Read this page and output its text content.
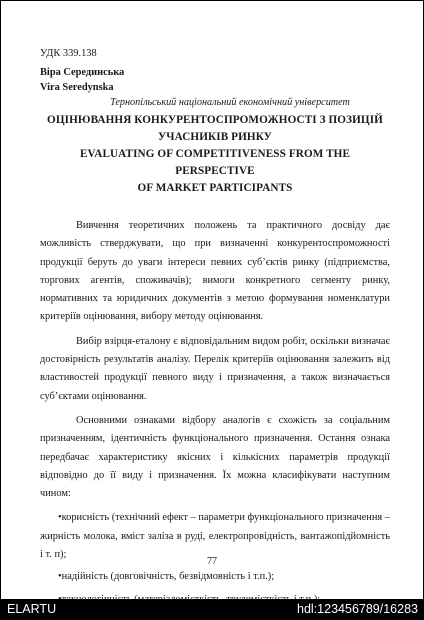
УДК 339.138
Віра Серединська
Vira Seredynska
Тернопільський національний економічний університет
ОЦІНЮВАННЯ КОНКУРЕНТОСПРОМОЖНОСТІ З ПОЗИЦІЙ
УЧАСНИКІВ РИНКУ
EVALUATING OF COMPETITIVENESS FROM THE PERSPECTIVE
OF MARKET PARTICIPANTS

Вивчення теоретичних положень та практичного досвіду дає можливість стверджувати, що при визначенні конкурентоспроможності продукції беруть до уваги інтереси певних суб’єктів ринку (підприємства, торгових агентів, споживачів); вимоги конкретного сегменту ринку, нормативних та юридичних документів з метою формування номенклатури критеріїв оцінювання, вибору методу оцінювання.

Вибір взірця-еталону є відповідальним видом робіт, оскільки визначає достовірність результатів аналізу. Перелік критеріїв оцінювання залежить від властивостей продукції певного виду і призначення, а також визначається суб’єктами оцінювання.

Основними ознаками відбору аналогів є схожість за соціальним призначенням, ідентичність функціонального призначення. Остання ознака передбачає характеристику якісних і кількісних параметрів продукції відповідно до її виду і призначення. Їх можна класифікувати наступним чином:

•корисність (технічний ефект – параметри функціонального призначення – жирність молока, вміст заліза в руді, електропровідність, вантажопідйомність і т. п);

•надійність (довговічність, безвідмовність і т.п.);

77
ELARTU	hdl:123456789/16283
